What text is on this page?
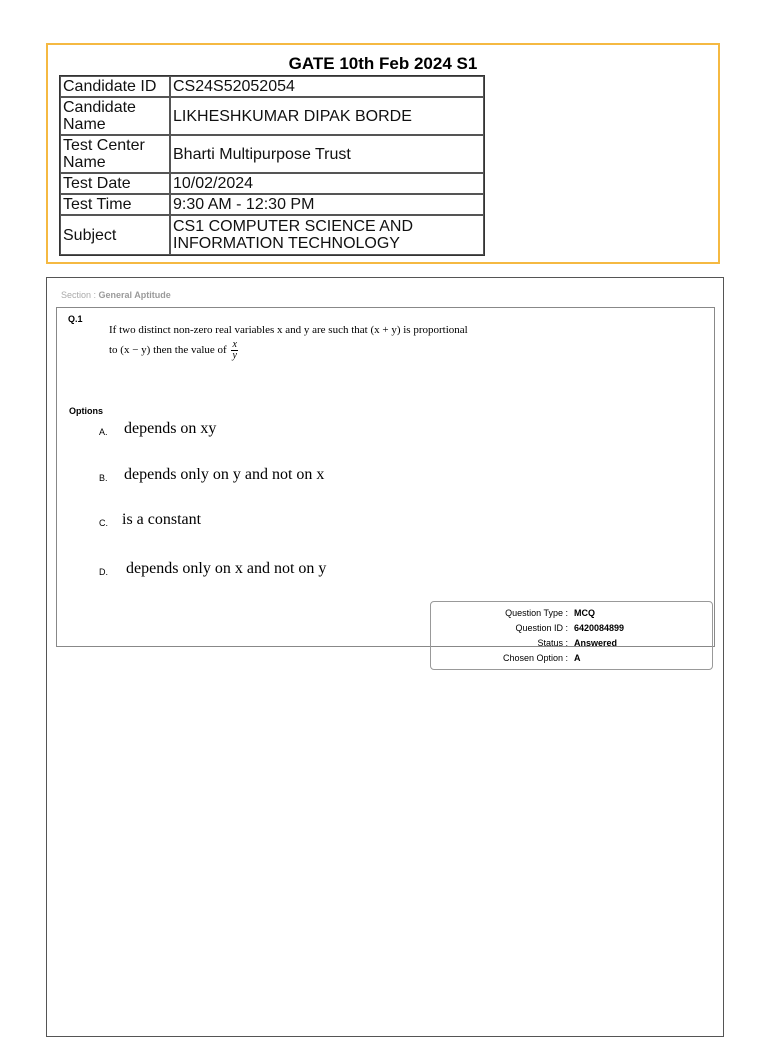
GATE 10th Feb 2024 S1
Candidate ID	CS24S52052054
Candidate Name	LIKHESHKUMAR DIPAK BORDE
Test Center Name	Bharti Multipurpose Trust
Test Date	10/02/2024
Test Time	9:30 AM - 12:30 PM
Subject	CS1 COMPUTER SCIENCE AND INFORMATION TECHNOLOGY
Section : General Aptitude
Q.1
If two distinct non-zero real variables x and y are such that (x + y) is proportional
to (x − y) then the value of $\frac{x}{y}$
Options
A. depends on xy
B. depends only on y and not on x
C. is a constant
D. depends only on x and not on y
Question Type : MCQ
Question ID : 6420084899
Status : Answered
Chosen Option : A
